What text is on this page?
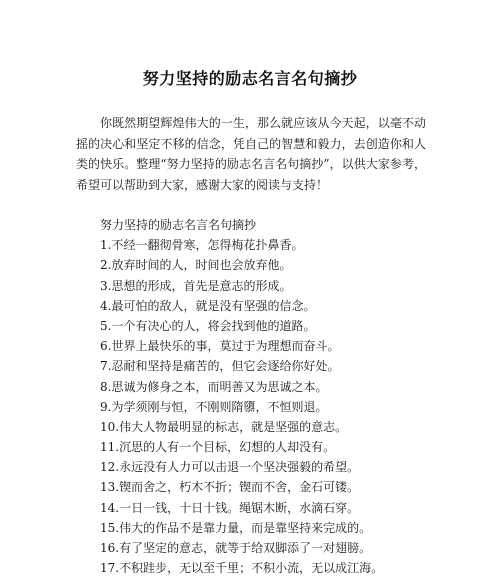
努力坚持的励志名言名句摘抄

你既然期望辉煌伟大的一生，那么就应该从今天起，以毫不动摇的决心和坚定不移的信念，凭自己的智慧和毅力，去创造你和人类的快乐。整理“努力坚持的励志名言名句摘抄”，以供大家参考，希望可以帮助到大家，感谢大家的阅读与支持！

努力坚持的励志名言名句摘抄
1.不经一翻彻骨寒，怎得梅花扑鼻香。
2.放弃时间的人，时间也会放弃他。
3.思想的形成，首先是意志的形成。
4.最可怕的敌人，就是没有坚强的信念。
5.一个有决心的人，将会找到他的道路。
6.世界上最快乐的事，莫过于为理想而奋斗。
7.忍耐和坚持是痛苦的，但它会逐给你好处。
8.思诚为修身之本，而明善又为思诚之本。
9.为学须刚与恒，不刚则隋隳，不恒则退。
10.伟大人物最明显的标志，就是坚强的意志。
11.沉思的人有一个目标，幻想的人却没有。
12.永远没有人力可以击退一个坚决强毅的希望。
13.锲而舍之，朽木不折；锲而不舍，金石可镂。
14.一日一钱，十日十钱。绳锯木断，水滴石穿。
15.伟大的作品不是靠力量，而是靠坚持来完成的。
16.有了坚定的意志，就等于给双脚添了一对翅膀。
17.不积跬步，无以至千里；不积小流，无以成江海。
